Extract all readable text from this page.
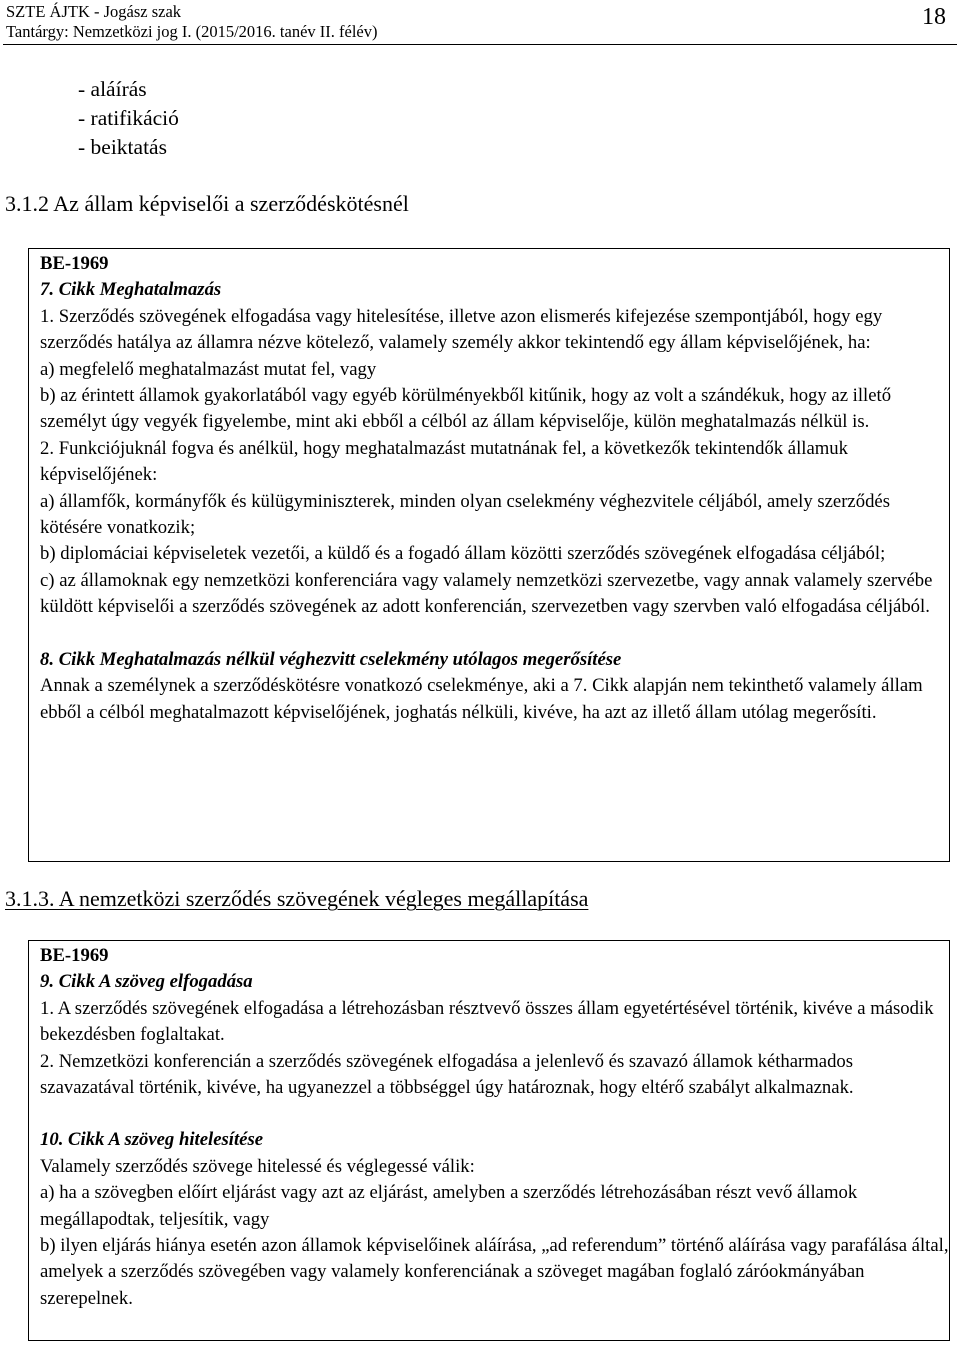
SZTE ÁJTK - Jogász szak
Tantárgy: Nemzetközi jog I. (2015/2016. tanév II. félév)
18
- aláírás
- ratifikáció
- beiktatás
3.1.2 Az állam képviselői a szerződéskötésnél

BE-1969

7. Cikk Meghatalmazás

1. Szerződés szövegének elfogadása vagy hitelesítése, illetve azon elismerés kifejezése szempontjából, hogy egy szerződés hatálya az államra nézve kötelező, valamely személy akkor tekintendő egy állam képviselőjének, ha:

a) megfelelő meghatalmazást mutat fel, vagy

b) az érintett államok gyakorlatából vagy egyéb körülményekből kitűnik, hogy az volt a szándékuk, hogy az illető személyt úgy vegyék figyelembe, mint aki ebből a célból az állam képviselője, külön meghatalmazás nélkül is.

2. Funkciójuknál fogva és anélkül, hogy meghatalmazást mutatnának fel, a következők tekintendők államuk képviselőjének:

a) államfők, kormányfők és külügyminiszterek, minden olyan cselekmény véghezvitele céljából, amely szerződés kötésére vonatkozik;

b) diplomáciai képviseletek vezetői, a küldő és a fogadó állam közötti szerződés szövegének elfogadása céljából;

c) az államoknak egy nemzetközi konferenciára vagy valamely nemzetközi szervezetbe, vagy annak valamely szervébe küldött képviselői a szerződés szövegének az adott konferencián, szervezetben vagy szervben való elfogadása céljából.

8. Cikk Meghatalmazás nélkül véghezvitt cselekmény utólagos megerősítése

Annak a személynek a szerződéskötésre vonatkozó cselekménye, aki a 7. Cikk alapján nem tekinthető valamely állam ebből a célból meghatalmazott képviselőjének, joghatás nélküli, kivéve, ha azt az illető állam utólag megerősíti.

3.1.3. A nemzetközi szerződés szövegének végleges megállapítása

BE-1969

9. Cikk A szöveg elfogadása

1. A szerződés szövegének elfogadása a létrehozásban résztvevő összes állam egyetértésével történik, kivéve a második bekezdésben foglaltakat.

2. Nemzetközi konferencián a szerződés szövegének elfogadása a jelenlevő és szavazó államok kétharmados szavazatával történik, kivéve, ha ugyanezzel a többséggel úgy határoznak, hogy eltérő szabályt alkalmaznak.

10. Cikk A szöveg hitelesítése

Valamely szerződés szövege hitelessé és véglegessé válik:

a) ha a szövegben előírt eljárást vagy azt az eljárást, amelyben a szerződés létrehozásában részt vevő államok megállapodtak, teljesítik, vagy

b) ilyen eljárás hiánya esetén azon államok képviselőinek aláírása, „ad referendum” történő aláírása vagy parafálása által, amelyek a szerződés szövegében vagy valamely konferenciának a szöveget magában foglaló záróokmányában szerepelnek.
